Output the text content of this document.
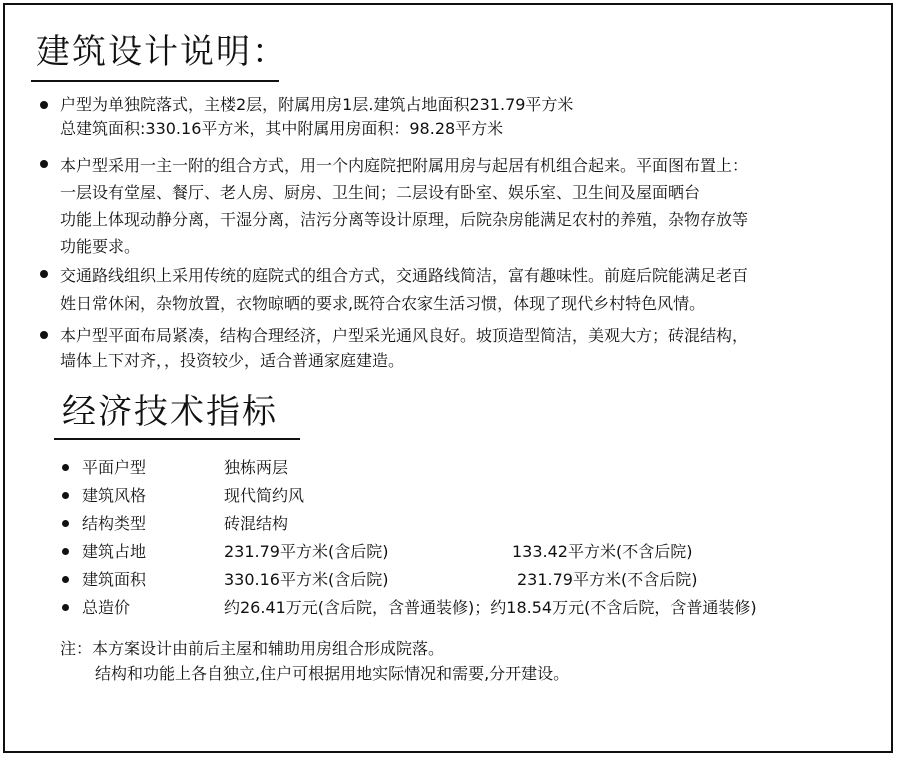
建筑设计说明：
户型为单独院落式，主楼2层，附属用房1层.建筑占地面积231.79平方米
总建筑面积:330.16平方米，其中附属用房面积：98.28平方米
本户型采用一主一附的组合方式，用一个内庭院把附属用房与起居有机组合起来。平面图布置上：
一层设有堂屋、餐厅、老人房、厨房、卫生间；二层设有卧室、娱乐室、卫生间及屋面晒台
功能上体现动静分离，干湿分离，洁污分离等设计原理，后院杂房能满足农村的养殖，杂物存放等
功能要求。
交通路线组织上采用传统的庭院式的组合方式，交通路线简洁，富有趣味性。前庭后院能满足老百
姓日常休闲，杂物放置，衣物晾晒的要求,既符合农家生活习惯，体现了现代乡村特色风情。
本户型平面布局紧凑，结构合理经济，户型采光通风良好。坡顶造型简洁，美观大方；砖混结构，
墙体上下对齐，，投资较少，适合普通家庭建造。
经济技术指标
平面户型	独栋两层
建筑风格	现代简约风
结构类型	砖混结构
建筑占地	231.79平方米(含后院)	133.42平方米(不含后院)
建筑面积	330.16平方米(含后院)	231.79平方米(不含后院)
总造价	约26.41万元(含后院，含普通装修)；约18.54万元(不含后院，含普通装修)
注：本方案设计由前后主屋和辅助用房组合形成院落。
结构和功能上各自独立,住户可根据用地实际情况和需要,分开建设。
